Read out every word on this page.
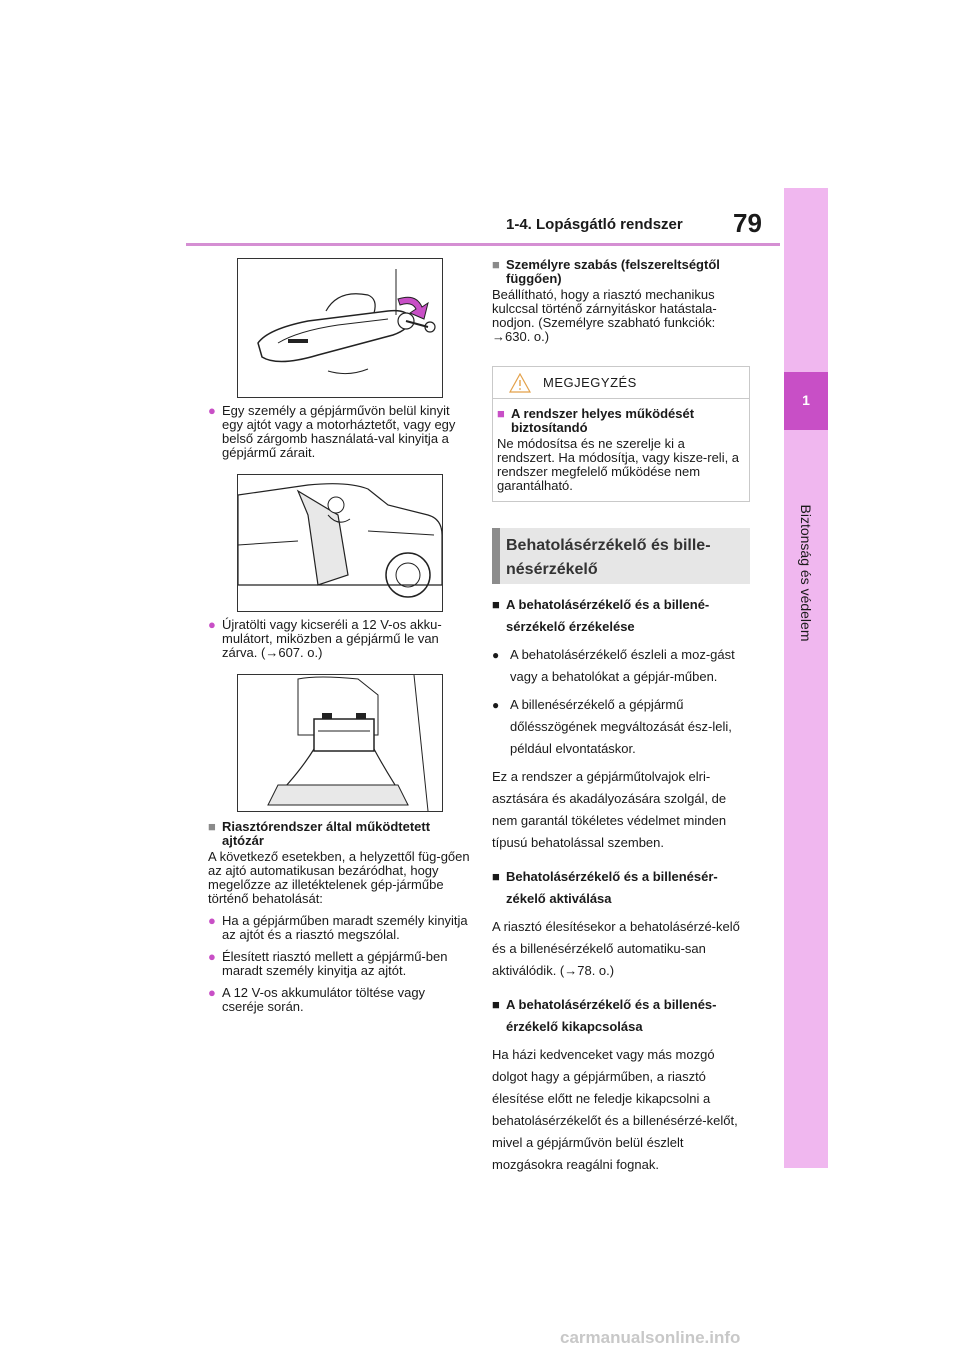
1
Biztonság és védelem
1-4. Lopásgátló rendszer 79
● Egy személy a gépjárművön belül kinyit egy ajtót vagy a motorháztetőt, vagy egy belső zárgomb használatá-val kinyitja a gépjármű zárait.
● Újratölti vagy kicseréli a 12 V-os akku-mulátort, miközben a gépjármű le van zárva. (→607. o.)
■ Riasztórendszer által működtetett ajtózár
A következő esetekben, a helyzettől füg-gően az ajtó automatikusan bezáródhat, hogy megelőzze az illetéktelenek gép-járműbe történő behatolását:
● Ha a gépjárműben maradt személy kinyitja az ajtót és a riasztó megszólal.
● Élesített riasztó mellett a gépjármű-ben maradt személy kinyitja az ajtót.
● A 12 V-os akkumulátor töltése vagy cseréje során.
■ Személyre szabás (felszereltségtől függően)
Beállítható, hogy a riasztó mechanikus kulccsal történő zárnyitáskor hatástala-nodjon. (Személyre szabható funkciók: →630. o.)
MEGJEGYZÉS
■ A rendszer helyes működését biztosítandó
Ne módosítsa és ne szerelje ki a rendszert. Ha módosítja, vagy kisze-reli, a rendszer megfelelő működése nem garantálható.
Behatolásérzékelő és bille-nésérzékelő
■ A behatolásérzékelő és a billené-sérzékelő érzékelése
● A behatolásérzékelő észleli a moz-gást vagy a behatolókat a gépjár-műben.
● A billenésérzékelő a gépjármű dőlésszögének megváltozását ész-leli, például elvontatáskor.
Ez a rendszer a gépjárműtolvajok elri-asztására és akadályozására szolgál, de nem garantál tökéletes védelmet minden típusú behatolással szemben.
■ Behatolásérzékelő és a billenésér-zékelő aktiválása
A riasztó élesítésekor a behatolásérzé-kelő és a billenésérzékelő automatiku-san aktiválódik. (→78. o.)
■ A behatolásérzékelő és a billenés-érzékelő kikapcsolása
Ha házi kedvenceket vagy más mozgó dolgot hagy a gépjárműben, a riasztó élesítése előtt ne feledje kikapcsolni a behatolásérzékelőt és a billenésérzé-kelőt, mivel a gépjárművön belül észlelt mozgásokra reagálni fognak.
carmanualsonline.info
